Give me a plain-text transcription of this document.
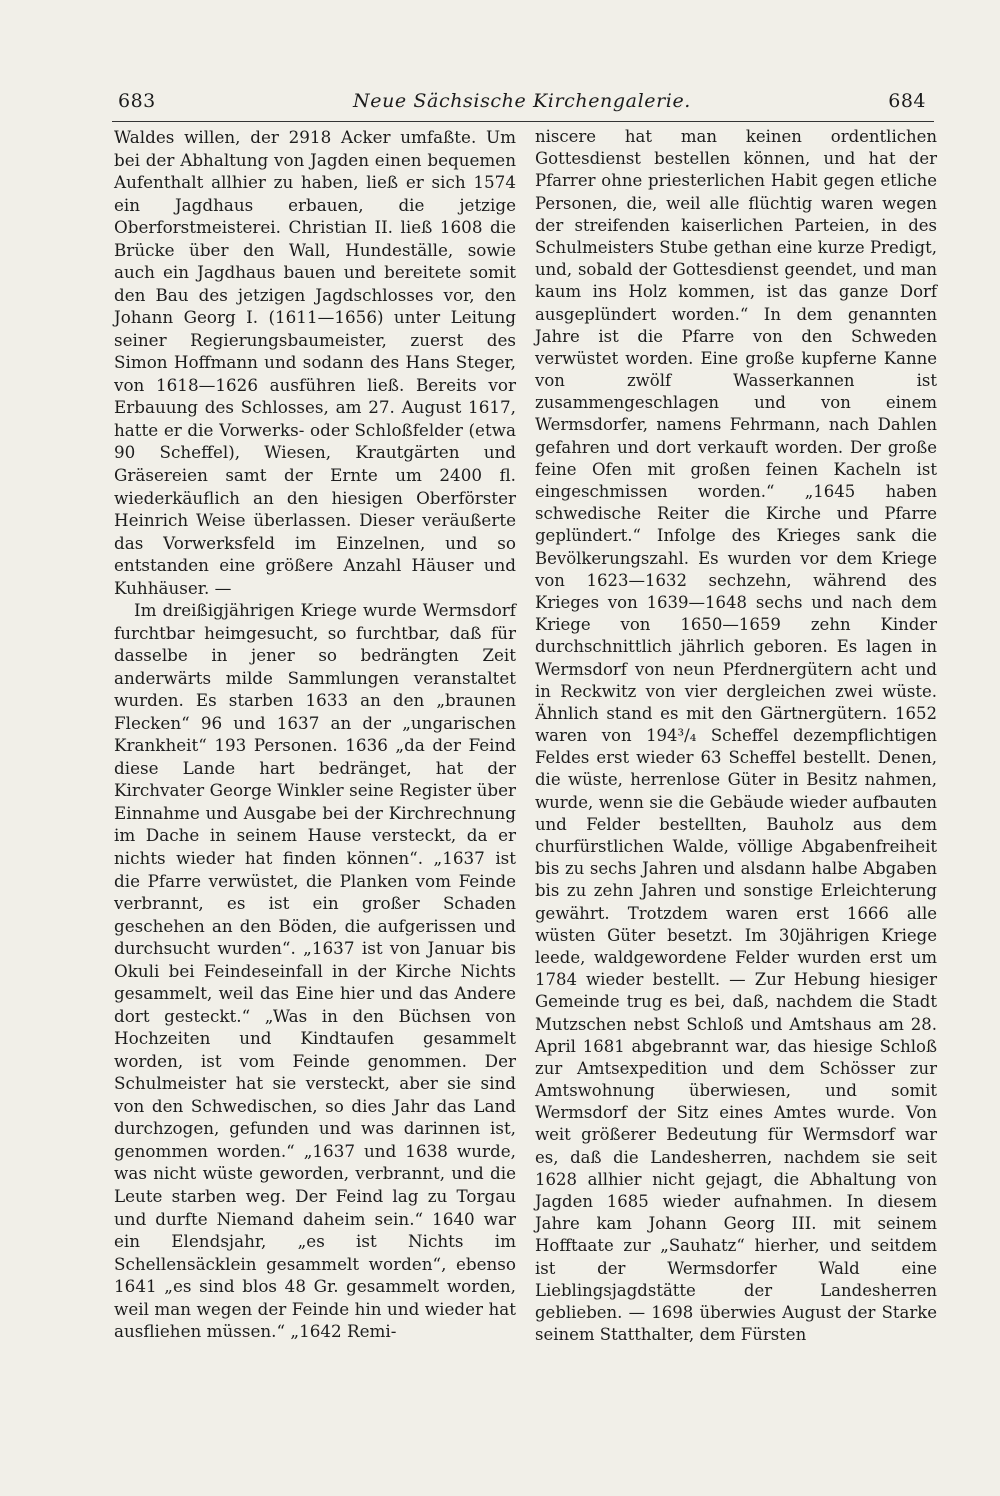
683	Neue Sächsische Kirchengalerie.	684

Waldes willen, der 2918 Acker umfaßte. Um bei der Abhaltung von Jagden einen bequemen Aufenthalt allhier zu haben, ließ er sich 1574 ein Jagdhaus erbauen, die jetzige Oberforstmeisterei. Christian II. ließ 1608 die Brücke über den Wall, Hundeställe, sowie auch ein Jagdhaus bauen und bereitete somit den Bau des jetzigen Jagdschlosses vor, den Johann Georg I. (1611—1656) unter Leitung seiner Regierungsbaumeister, zuerst des Simon Hoffmann und sodann des Hans Steger, von 1618—1626 ausführen ließ. Bereits vor Erbauung des Schlosses, am 27. August 1617, hatte er die Vorwerks- oder Schloßfelder (etwa 90 Scheffel), Wiesen, Krautgärten und Gräsereien samt der Ernte um 2400 fl. wiederkäuflich an den hiesigen Oberförster Heinrich Weise überlassen. Dieser veräußerte das Vorwerksfeld im Einzelnen, und so entstanden eine größere Anzahl Häuser und Kuhhäuser. —

Im dreißigjährigen Kriege wurde Wermsdorf furchtbar heimgesucht, so furchtbar, daß für dasselbe in jener so bedrängten Zeit anderwärts milde Sammlungen veranstaltet wurden. Es starben 1633 an den „braunen Flecken“ 96 und 1637 an der „ungarischen Krankheit“ 193 Personen. 1636 „da der Feind diese Lande hart bedränget, hat der Kirchvater George Winkler seine Register über Einnahme und Ausgabe bei der Kirchrechnung im Dache in seinem Hause versteckt, da er nichts wieder hat finden können“. „1637 ist die Pfarre verwüstet, die Planken vom Feinde verbrannt, es ist ein großer Schaden geschehen an den Böden, die aufgerissen und durchsucht wurden“. „1637 ist von Januar bis Okuli bei Feindeseinfall in der Kirche Nichts gesammelt, weil das Eine hier und das Andere dort gesteckt.“ „Was in den Büchsen von Hochzeiten und Kindtaufen gesammelt worden, ist vom Feinde genommen. Der Schulmeister hat sie versteckt, aber sie sind von den Schwedischen, so dies Jahr das Land durchzogen, gefunden und was darinnen ist, genommen worden.“ „1637 und 1638 wurde, was nicht wüste geworden, verbrannt, und die Leute starben weg. Der Feind lag zu Torgau und durfte Niemand daheim sein.“ 1640 war ein Elendsjahr, „es ist Nichts im Schellensäcklein gesammelt worden“, ebenso 1641 „es sind blos 48 Gr. gesammelt worden, weil man wegen der Feinde hin und wieder hat ausfliehen müssen.“ „1642 Remi-

niscere hat man keinen ordentlichen Gottesdienst bestellen können, und hat der Pfarrer ohne priesterlichen Habit gegen etliche Personen, die, weil alle flüchtig waren wegen der streifenden kaiserlichen Parteien, in des Schulmeisters Stube gethan eine kurze Predigt, und, sobald der Gottesdienst geendet, und man kaum ins Holz kommen, ist das ganze Dorf ausgeplündert worden.“ In dem genannten Jahre ist die Pfarre von den Schweden verwüstet worden. Eine große kupferne Kanne von zwölf Wasserkannen ist zusammengeschlagen und von einem Wermsdorfer, namens Fehrmann, nach Dahlen gefahren und dort verkauft worden. Der große feine Ofen mit großen feinen Kacheln ist eingeschmissen worden.“ „1645 haben schwedische Reiter die Kirche und Pfarre geplündert.“ Infolge des Krieges sank die Bevölkerungszahl. Es wurden vor dem Kriege von 1623—1632 sechzehn, während des Krieges von 1639—1648 sechs und nach dem Kriege von 1650—1659 zehn Kinder durchschnittlich jährlich geboren. Es lagen in Wermsdorf von neun Pferdnergütern acht und in Reckwitz von vier dergleichen zwei wüste. Ähnlich stand es mit den Gärtnergütern. 1652 waren von 194³/₄ Scheffel dezempflichtigen Feldes erst wieder 63 Scheffel bestellt. Denen, die wüste, herrenlose Güter in Besitz nahmen, wurde, wenn sie die Gebäude wieder aufbauten und Felder bestellten, Bauholz aus dem churfürstlichen Walde, völlige Abgabenfreiheit bis zu sechs Jahren und alsdann halbe Abgaben bis zu zehn Jahren und sonstige Erleichterung gewährt. Trotzdem waren erst 1666 alle wüsten Güter besetzt. Im 30jährigen Kriege leede, waldgewordene Felder wurden erst um 1784 wieder bestellt. — Zur Hebung hiesiger Gemeinde trug es bei, daß, nachdem die Stadt Mutzschen nebst Schloß und Amtshaus am 28. April 1681 abgebrannt war, das hiesige Schloß zur Amtsexpedition und dem Schösser zur Amtswohnung überwiesen, und somit Wermsdorf der Sitz eines Amtes wurde. Von weit größerer Bedeutung für Wermsdorf war es, daß die Landesherren, nachdem sie seit 1628 allhier nicht gejagt, die Abhaltung von Jagden 1685 wieder aufnahmen. In diesem Jahre kam Johann Georg III. mit seinem Hofftaate zur „Sauhatz“ hierher, und seitdem ist der Wermsdorfer Wald eine Lieblingsjagdstätte der Landesherren geblieben. — 1698 überwies August der Starke seinem Statthalter, dem Fürsten
